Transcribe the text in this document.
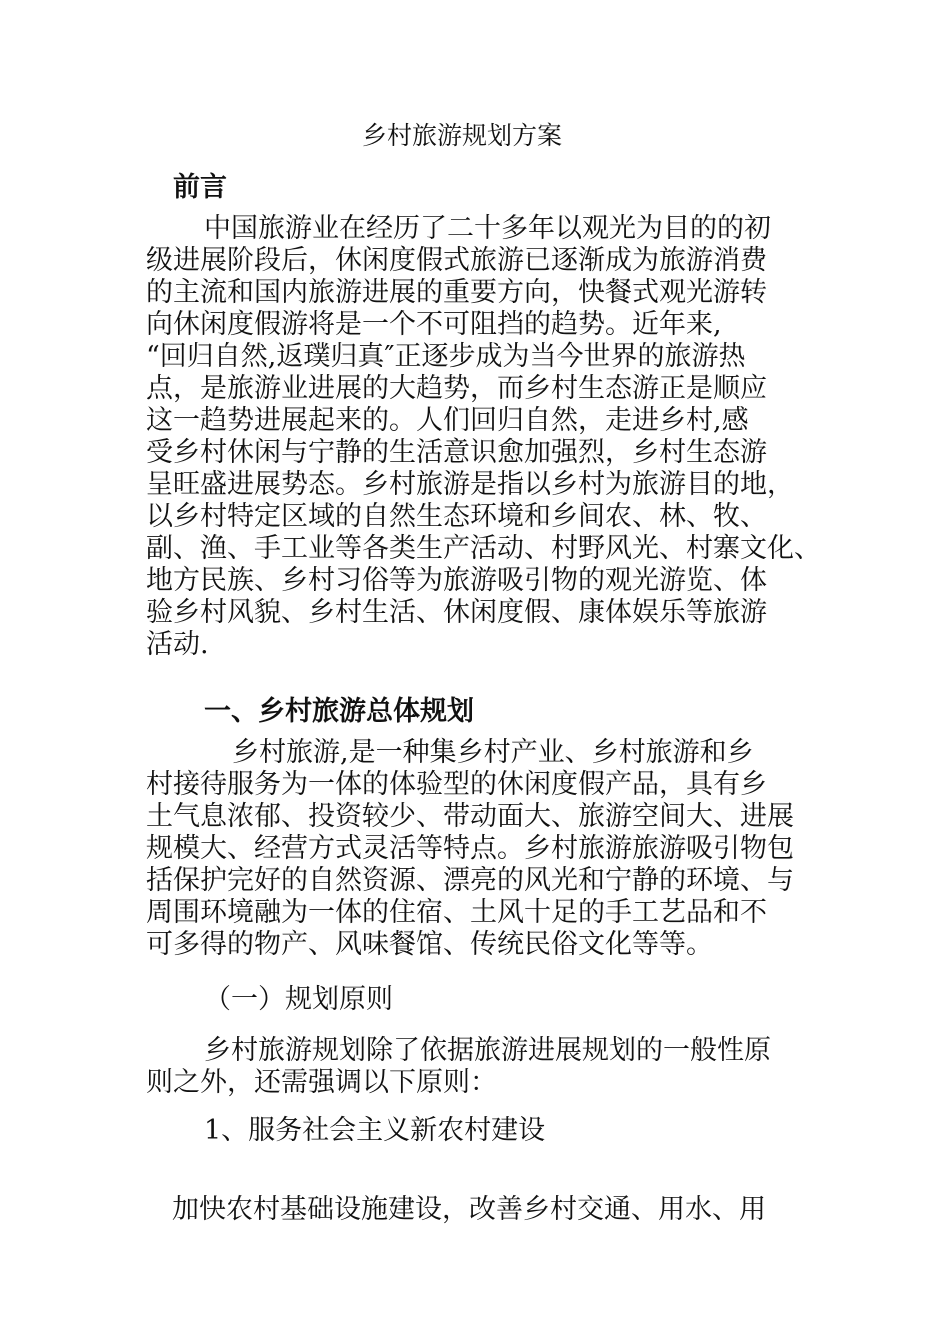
乡村旅游规划方案
前言
中国旅游业在经历了二十多年以观光为目的的初
级进展阶段后，休闲度假式旅游已逐渐成为旅游消费
的主流和国内旅游进展的重要方向，快餐式观光游转
向休闲度假游将是一个不可阻挡的趋势。近年来,
“回归自然,返璞归真″正逐步成为当今世界的旅游热
点，是旅游业进展的大趋势，而乡村生态游正是顺应
这一趋势进展起来的。人们回归自然，走进乡村,感
受乡村休闲与宁静的生活意识愈加强烈，乡村生态游
呈旺盛进展势态。乡村旅游是指以乡村为旅游目的地，
以乡村特定区域的自然生态环境和乡间农、林、牧、
副、渔、手工业等各类生产活动、村野风光、村寨文化、
地方民族、乡村习俗等为旅游吸引物的观光游览、体
验乡村风貌、乡村生活、休闲度假、康体娱乐等旅游
活动.
一、乡村旅游总体规划
乡村旅游,是一种集乡村产业、乡村旅游和乡
村接待服务为一体的体验型的休闲度假产品，具有乡
土气息浓郁、投资较少、带动面大、旅游空间大、进展
规模大、经营方式灵活等特点。乡村旅游旅游吸引物包
括保护完好的自然资源、漂亮的风光和宁静的环境、与
周围环境融为一体的住宿、土风十足的手工艺品和不
可多得的物产、风味餐馆、传统民俗文化等等。
（一）规划原则
乡村旅游规划除了依据旅游进展规划的一般性原
则之外，还需强调以下原则：
1、服务社会主义新农村建设
加快农村基础设施建设，改善乡村交通、用水、用
